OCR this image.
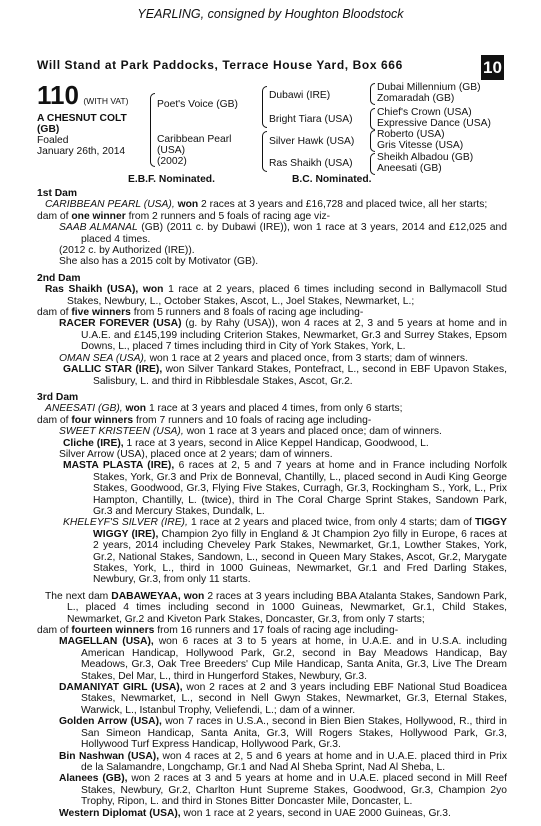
YEARLING, consigned by Houghton Bloodstock
Will Stand at Park Paddocks, Terrace House Yard, Box 666	10
110 (WITH VAT)
A CHESNUT COLT
(GB)
Foaled
January 26th, 2014
Poet's Voice (GB)
Caribbean Pearl
(USA)
(2002)
Dubawi (IRE)
Bright Tiara (USA)
Silver Hawk (USA)
Ras Shaikh (USA)
Dubai Millennium (GB)
Zomaradah (GB)
Chief's Crown (USA)
Expressive Dance (USA)
Roberto (USA)
Gris Vitesse (USA)
Sheikh Albadou (GB)
Aneesati (GB)
E.B.F. Nominated.	B.C. Nominated.

1st Dam

CARIBBEAN PEARL (USA), won 2 races at 3 years and £16,728 and placed twice, all her starts;

dam of one winner from 2 runners and 5 foals of racing age viz-

SAAB ALMANAL (GB) (2011 c. by Dubawi (IRE)), won 1 race at 3 years, 2014 and £12,025 and placed 4 times.

(2012 c. by Authorized (IRE)).

She also has a 2015 colt by Motivator (GB).

2nd Dam

Ras Shaikh (USA), won 1 race at 2 years, placed 6 times including second in Ballymacoll Stud Stakes, Newbury, L., October Stakes, Ascot, L., Joel Stakes, Newmarket, L.;

dam of five winners from 5 runners and 8 foals of racing age including-

RACER FOREVER (USA) (g. by Rahy (USA)), won 4 races at 2, 3 and 5 years at home and in U.A.E. and £145,199 including Criterion Stakes, Newmarket, Gr.3 and Surrey Stakes, Epsom Downs, L., placed 7 times including third in City of York Stakes, York, L.

OMAN SEA (USA), won 1 race at 2 years and placed once, from 3 starts; dam of winners.

GALLIC STAR (IRE), won Silver Tankard Stakes, Pontefract, L., second in EBF Upavon Stakes, Salisbury, L. and third in Ribblesdale Stakes, Ascot, Gr.2.

3rd Dam

ANEESATI (GB), won 1 race at 3 years and placed 4 times, from only 6 starts;

dam of four winners from 7 runners and 10 foals of racing age including-

SWEET KRISTEEN (USA), won 1 race at 3 years and placed once; dam of winners.

Cliche (IRE), 1 race at 3 years, second in Alice Keppel Handicap, Goodwood, L.

Silver Arrow (USA), placed once at 2 years; dam of winners.

MASTA PLASTA (IRE), 6 races at 2, 5 and 7 years at home and in France including Norfolk Stakes, York, Gr.3 and Prix de Bonneval, Chantilly, L., placed second in Audi King George Stakes, Goodwood, Gr.3, Flying Five Stakes, Curragh, Gr.3, Rockingham S., York, L., Prix Hampton, Chantilly, L. (twice), third in The Coral Charge Sprint Stakes, Sandown Park, Gr.3 and Mercury Stakes, Dundalk, L.

KHELEYF'S SILVER (IRE), 1 race at 2 years and placed twice, from only 4 starts; dam of TIGGY WIGGY (IRE), Champion 2yo filly in England & Jt Champion 2yo filly in Europe, 6 races at 2 years, 2014 including Cheveley Park Stakes, Newmarket, Gr.1, Lowther Stakes, York, Gr.2, National Stakes, Sandown, L., second in Queen Mary Stakes, Ascot, Gr.2, Marygate Stakes, York, L., third in 1000 Guineas, Newmarket, Gr.1 and Fred Darling Stakes, Newbury, Gr.3, from only 11 starts.

The next dam DABAWEYAA, won 2 races at 3 years including BBA Atalanta Stakes, Sandown Park, L., placed 4 times including second in 1000 Guineas, Newmarket, Gr.1, Child Stakes, Newmarket, Gr.2 and Kiveton Park Stakes, Doncaster, Gr.3, from only 7 starts;

dam of fourteen winners from 16 runners and 17 foals of racing age including-

MAGELLAN (USA), won 6 races at 3 to 5 years at home, in U.A.E. and in U.S.A. including American Handicap, Hollywood Park, Gr.2, second in Bay Meadows Handicap, Bay Meadows, Gr.3, Oak Tree Breeders' Cup Mile Handicap, Santa Anita, Gr.3, Live The Dream Stakes, Del Mar, L., third in Hungerford Stakes, Newbury, Gr.3.

DAMANIYAT GIRL (USA), won 2 races at 2 and 3 years including EBF National Stud Boadicea Stakes, Newmarket, L., second in Nell Gwyn Stakes, Newmarket, Gr.3, Eternal Stakes, Warwick, L., Istanbul Trophy, Veliefendi, L.; dam of a winner.

Golden Arrow (USA), won 7 races in U.S.A., second in Bien Bien Stakes, Hollywood, R., third in San Simeon Handicap, Santa Anita, Gr.3, Will Rogers Stakes, Hollywood Park, Gr.3, Hollywood Turf Express Handicap, Hollywood Park, Gr.3.

Bin Nashwan (USA), won 4 races at 2, 5 and 6 years at home and in U.A.E. placed third in Prix de la Salamandre, Longchamp, Gr.1 and Nad Al Sheba Sprint, Nad Al Sheba, L.

Alanees (GB), won 2 races at 3 and 5 years at home and in U.A.E. placed second in Mill Reef Stakes, Newbury, Gr.2, Charlton Hunt Supreme Stakes, Goodwood, Gr.3, Champion 2yo Trophy, Ripon, L. and third in Stones Bitter Doncaster Mile, Doncaster, L.

Western Diplomat (USA), won 1 race at 2 years, second in UAE 2000 Guineas, Gr.3.
